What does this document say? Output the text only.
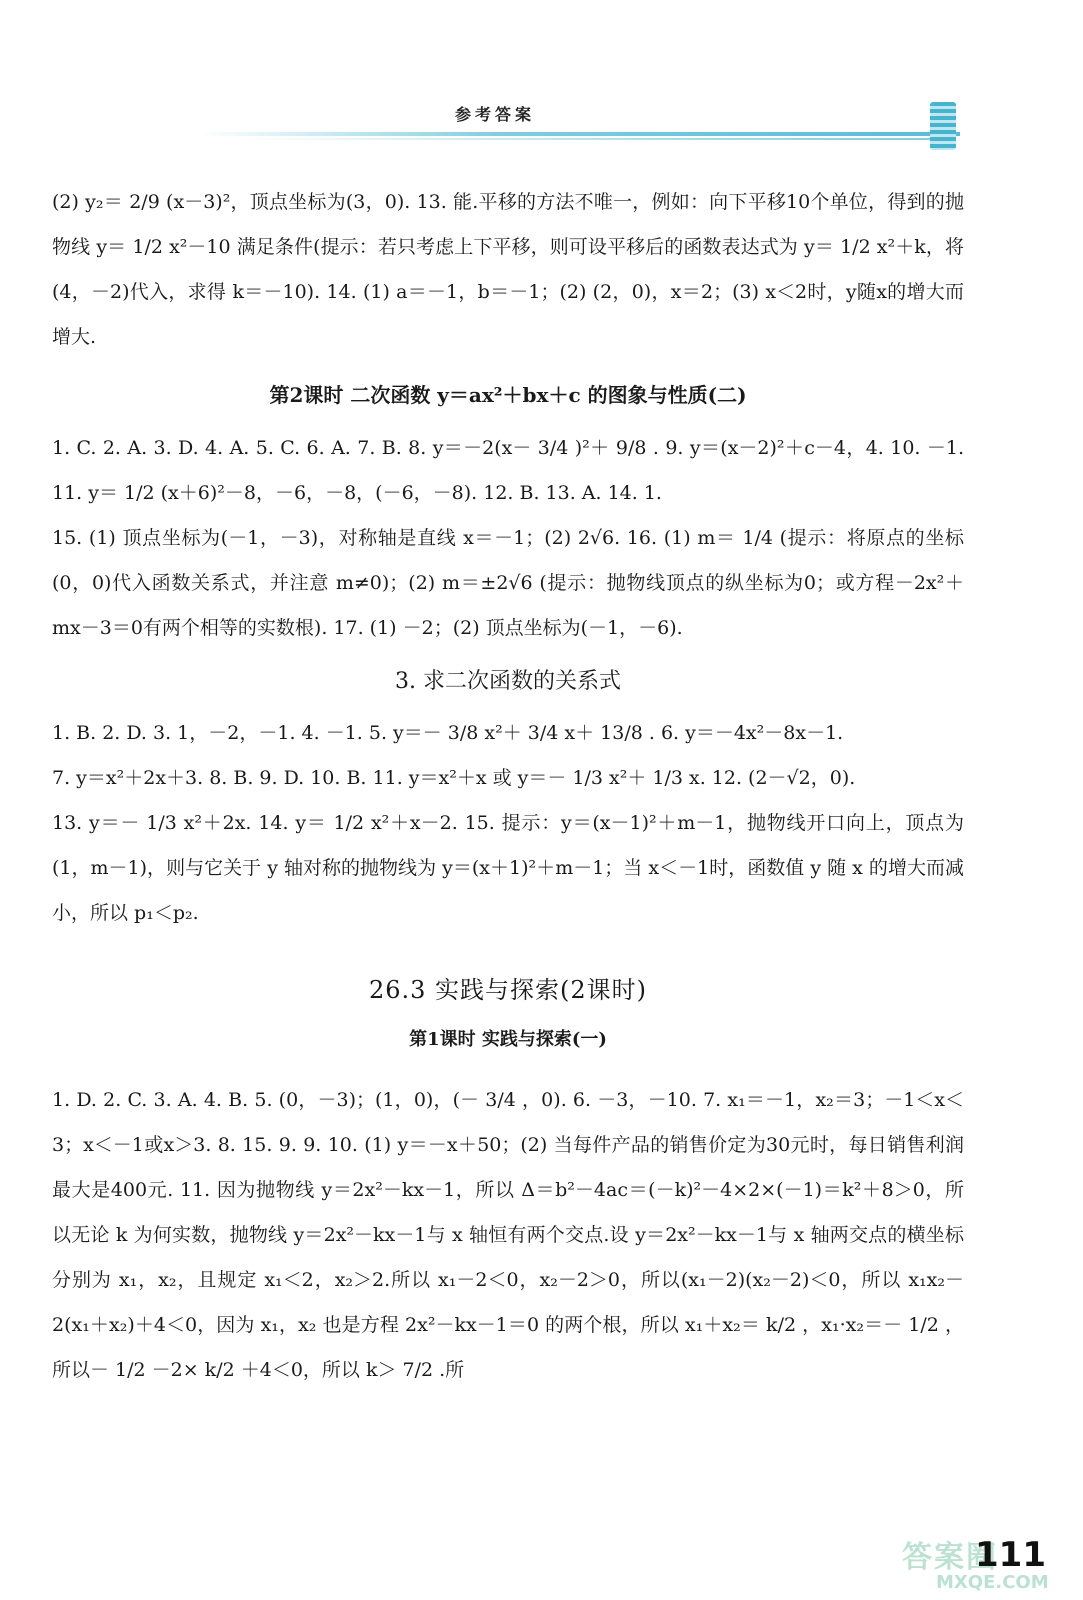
参考答案

(2) y₂＝ 2/9 (x－3)²，顶点坐标为(3，0). 13. 能.平移的方法不唯一，例如：向下平移10个单位，得到的抛物线 y＝ 1/2 x²－10 满足条件(提示：若只考虑上下平移，则可设平移后的函数表达式为 y＝ 1/2 x²＋k，将(4，－2)代入，求得 k＝－10). 14. (1) a＝－1，b＝－1；(2) (2，0)，x＝2；(3) x＜2时，y随x的增大而增大.

第2课时 二次函数 y＝ax²＋bx＋c 的图象与性质(二)

1. C. 2. A. 3. D. 4. A. 5. C. 6. A. 7. B. 8. y＝－2(x－ 3/4 )²＋ 9/8 . 9. y＝(x－2)²＋c－4，4. 10. －1. 11. y＝ 1/2 (x＋6)²－8，－6，－8，(－6，－8). 12. B. 13. A. 14. 1.

15. (1) 顶点坐标为(－1，－3)，对称轴是直线 x＝－1；(2) 2√6. 16. (1) m＝ 1/4 (提示：将原点的坐标(0，0)代入函数关系式，并注意 m≠0)；(2) m＝±2√6 (提示：抛物线顶点的纵坐标为0；或方程－2x²＋mx－3＝0有两个相等的实数根). 17. (1) －2；(2) 顶点坐标为(－1，－6).

3. 求二次函数的关系式

1. B. 2. D. 3. 1，－2，－1. 4. －1. 5. y＝－ 3/8 x²＋ 3/4 x＋ 13/8 . 6. y＝－4x²－8x－1.

7. y＝x²＋2x＋3. 8. B. 9. D. 10. B. 11. y＝x²＋x 或 y＝－ 1/3 x²＋ 1/3 x. 12. (2－√2，0).

13. y＝－ 1/3 x²＋2x. 14. y＝ 1/2 x²＋x－2. 15. 提示：y＝(x－1)²＋m－1，抛物线开口向上，顶点为(1，m－1)，则与它关于 y 轴对称的抛物线为 y＝(x＋1)²＋m－1；当 x＜－1时，函数值 y 随 x 的增大而减小，所以 p₁＜p₂.

26.3 实践与探索(2课时)
第1课时 实践与探索(一)

1. D. 2. C. 3. A. 4. B. 5. (0，－3)；(1，0)，(－ 3/4 ，0). 6. －3，－10. 7. x₁＝－1，x₂＝3；－1＜x＜3；x＜－1或x＞3. 8. 15. 9. 9. 10. (1) y＝－x＋50；(2) 当每件产品的销售价定为30元时，每日销售利润最大是400元. 11. 因为抛物线 y＝2x²－kx－1，所以 Δ＝b²－4ac＝(－k)²－4×2×(－1)＝k²＋8＞0，所以无论 k 为何实数，抛物线 y＝2x²－kx－1与 x 轴恒有两个交点.设 y＝2x²－kx－1与 x 轴两交点的横坐标分别为 x₁，x₂，且规定 x₁＜2，x₂＞2.所以 x₁－2＜0，x₂－2＞0，所以(x₁－2)(x₂－2)＜0，所以 x₁x₂－2(x₁＋x₂)＋4＜0，因为 x₁，x₂ 也是方程 2x²－kx－1＝0 的两个根，所以 x₁＋x₂＝ k/2 ，x₁·x₂＝－ 1/2 ，所以－ 1/2 －2× k/2 ＋4＜0，所以 k＞ 7/2 .所

答案圈
MXQE.COM
111
